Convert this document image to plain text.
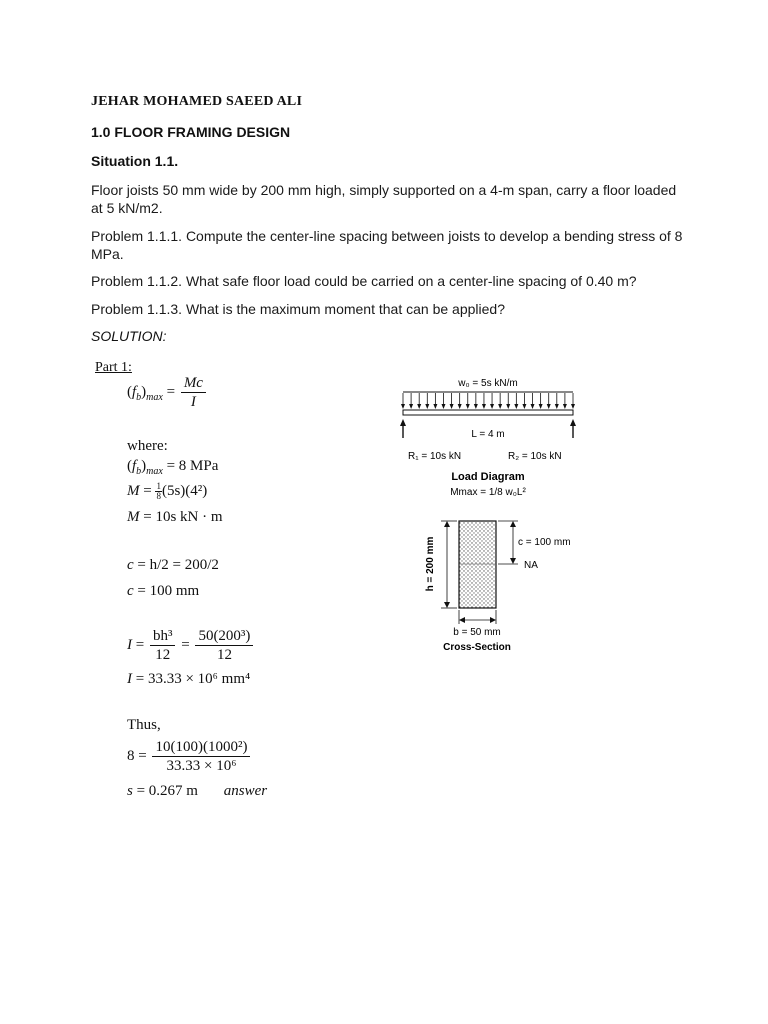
JEHAR MOHAMED SAEED ALI
1.0 FLOOR FRAMING DESIGN
Situation 1.1.
Floor joists 50 mm wide by 200 mm high, simply supported on a 4-m span, carry a floor loaded at 5 kN/m2.
Problem 1.1.1. Compute the center-line spacing between joists to develop a bending stress of 8 MPa.
Problem 1.1.2. What safe floor load could be carried on a center-line spacing of 0.40 m?
Problem 1.1.3. What is the maximum moment that can be applied?
SOLUTION:
Part 1:
$(f_b)_{max} = \frac{Mc}{I}$
where:
$(f_b)_{max} = 8$ MPa
$M = \frac{1}{8} (5s)(4^2)$
M = 10s kN · m
c = h/2 = 200/2
c = 100 mm
$I = \frac{\text{bh³}}{12} = \frac{\text{50(200³)}}{12}$
I = 33.33 × 10⁶ mm⁴
Thus,
$8 = \frac{\text{10(100)(1000²)}}{\text{33.33 × 10⁶}}$
s = 0.267 m answer
w₀ = 5s kN/m
L = 4 m
R₁ = 10s kN	R₂ = 10s kN
Load Diagram
Mmax = 1/8 w₀L²
h = 200 mm	c = 100 mm
NA
b = 50 mm
Cross-Section
